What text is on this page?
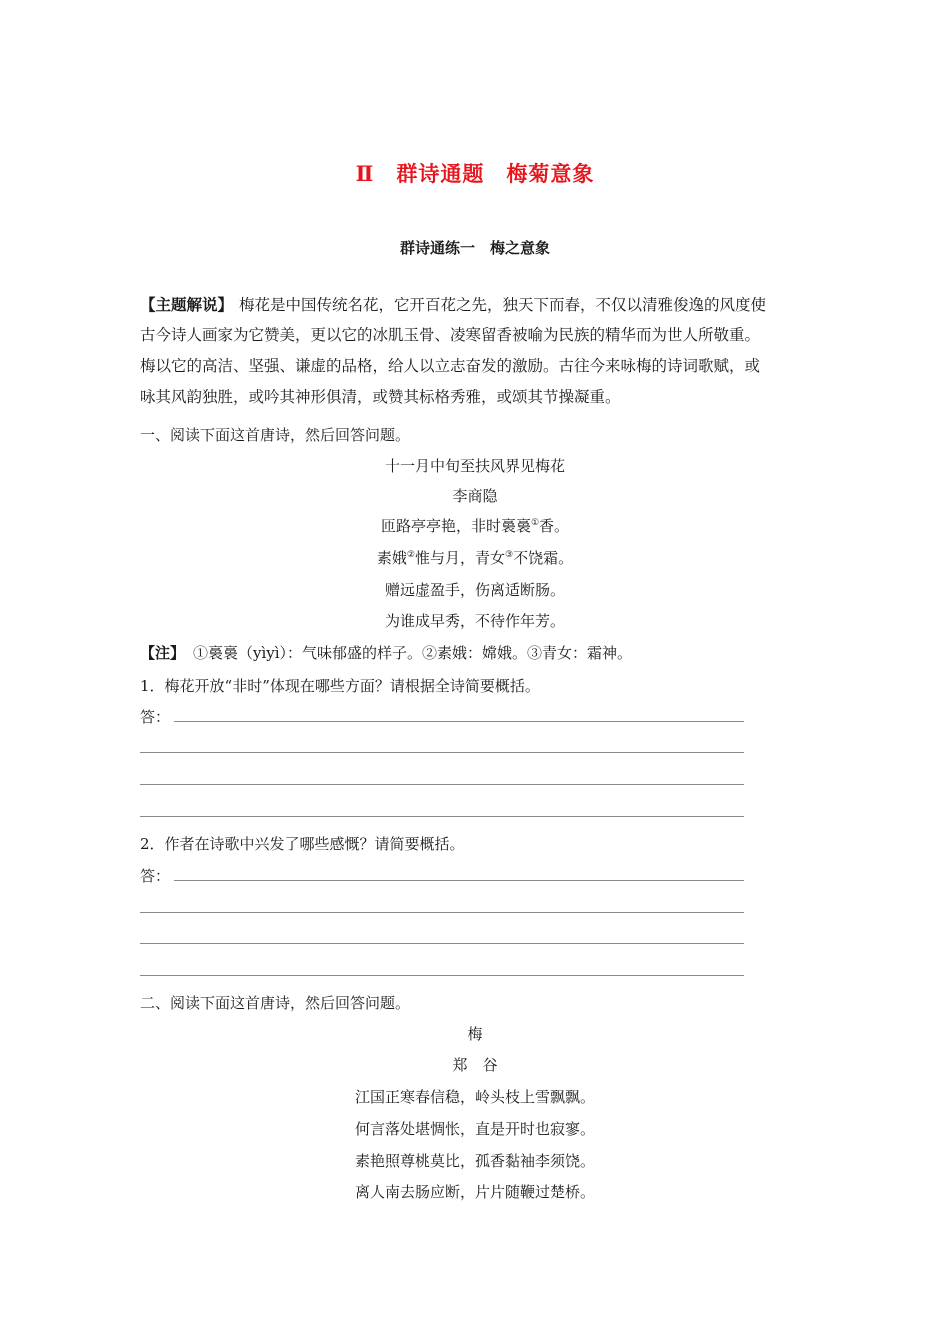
Ⅱ　群诗通题　梅菊意象
群诗通练一　梅之意象
【主题解说】 梅花是中国传统名花，它开百花之先，独天下而春，不仅以清雅俊逸的风度使
古今诗人画家为它赞美，更以它的冰肌玉骨、凌寒留香被喻为民族的精华而为世人所敬重。
梅以它的高洁、坚强、谦虚的品格，给人以立志奋发的激励。古往今来咏梅的诗词歌赋，或
咏其风韵独胜，或吟其神形俱清，或赞其标格秀雅，或颂其节操凝重。
一、阅读下面这首唐诗，然后回答问题。
十一月中旬至扶风界见梅花
李商隐
匝路亭亭艳，非时裛裛①香。
素娥②惟与月，青女③不饶霜。
赠远虚盈手，伤离适断肠。
为谁成早秀，不待作年芳。
【注】 ①裛裛（yìyì）：气味郁盛的样子。②素娥：嫦娥。③青女：霜神。
1．梅花开放“非时”体现在哪些方面？请根据全诗简要概括。
答：
2．作者在诗歌中兴发了哪些感慨？请简要概括。
答：
二、阅读下面这首唐诗，然后回答问题。
梅
郑　谷
江国正寒春信稳，岭头枝上雪飘飘。
何言落处堪惆怅，直是开时也寂寥。
素艳照尊桃莫比，孤香黏袖李须饶。
离人南去肠应断，片片随鞭过楚桥。
